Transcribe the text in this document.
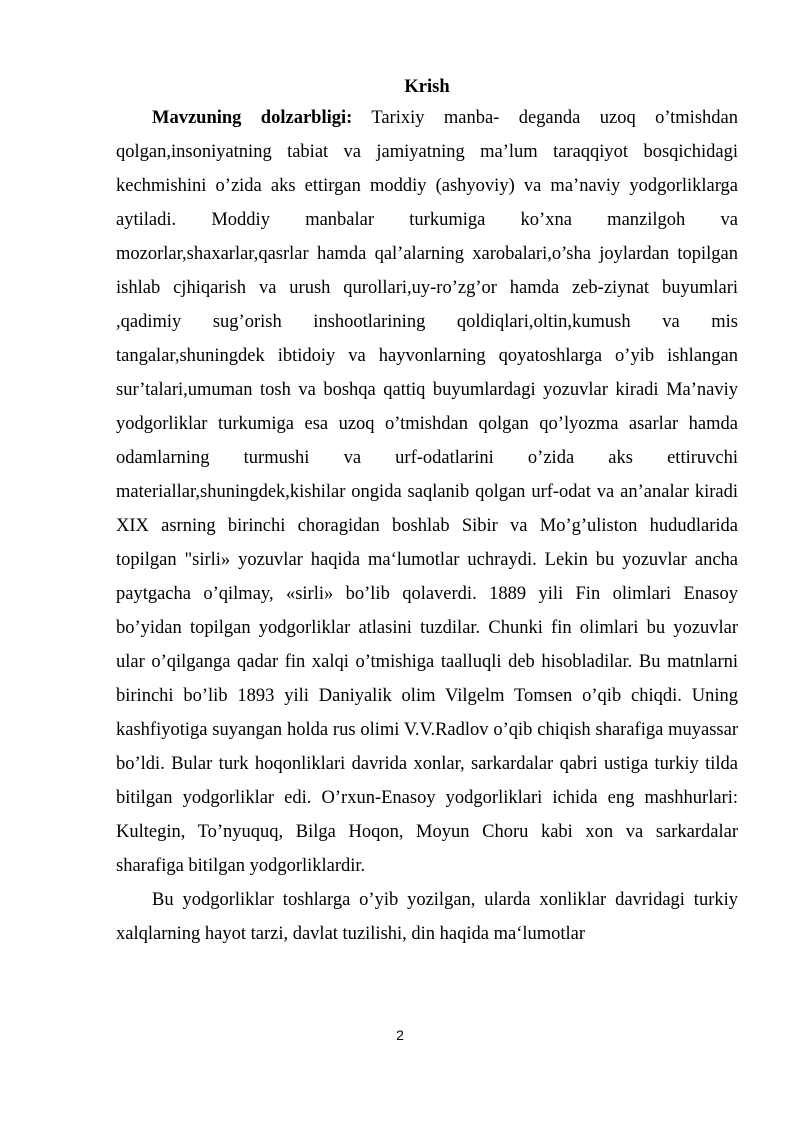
Krish

Mavzuning dolzarbligi: Tarixiy manba- deganda uzoq o’tmishdan qolgan,insoniyatning tabiat va jamiyatning ma’lum taraqqiyot bosqichidagi kechmishini o’zida aks ettirgan moddiy (ashyoviy) va ma’naviy yodgorliklarga aytiladi. Moddiy manbalar turkumiga ko’xna manzilgoh va mozorlar,shaxarlar,qasrlar hamda qal’alarning xarobalari,o’sha joylardan topilgan ishlab cjhiqarish va urush qurollari,uy-ro’zg’or hamda zeb-ziynat buyumlari ,qadimiy sug’orish inshootlarining qoldiqlari,oltin,kumush va mis tangalar,shuningdek ibtidoiy va hayvonlarning qoyatoshlarga o’yib ishlangan sur’talari,umuman tosh va boshqa qattiq buyumlardagi yozuvlar kiradi Ma’naviy yodgorliklar turkumiga esa uzoq o’tmishdan qolgan qo’lyozma asarlar hamda odamlarning turmushi va urf-odatlarini o’zida aks ettiruvchi materiallar,shuningdek,kishilar ongida saqlanib qolgan urf-odat va an’analar kiradi XIX asrning birinchi choragidan boshlab Sibir va Mo’g’uliston hududlarida topilgan "sirli» yozuvlar haqida ma‘lumotlar uchraydi. Lekin bu yozuvlar ancha paytgacha o’qilmay, «sirli» bo’lib qolaverdi. 1889 yili Fin olimlari Enasoy bo’yidan topilgan yodgorliklar atlasini tuzdilar. Chunki fin olimlari bu yozuvlar ular o’qilganga qadar fin xalqi o’tmishiga taalluqli deb hisobladilar. Bu matnlarni birinchi bo’lib 1893 yili Daniyalik olim Vilgelm Tomsen o’qib chiqdi. Uning kashfiyotiga suyangan holda rus olimi V.V.Radlov o’qib chiqish sharafiga muyassar bo’ldi. Bular turk hoqonliklari davrida xonlar, sarkardalar qabri ustiga turkiy tilda bitilgan yodgorliklar edi. O’rxun-Enasoy yodgorliklari ichida eng mashhurlari: Kultegin, To’nyuquq, Bilga Hoqon, Moyun Choru kabi xon va sarkardalar sharafiga bitilgan yodgorliklardir.

Bu yodgorliklar toshlarga o’yib yozilgan, ularda xonliklar davridagi turkiy xalqlarning hayot tarzi, davlat tuzilishi, din haqida ma‘lumotlar

2
